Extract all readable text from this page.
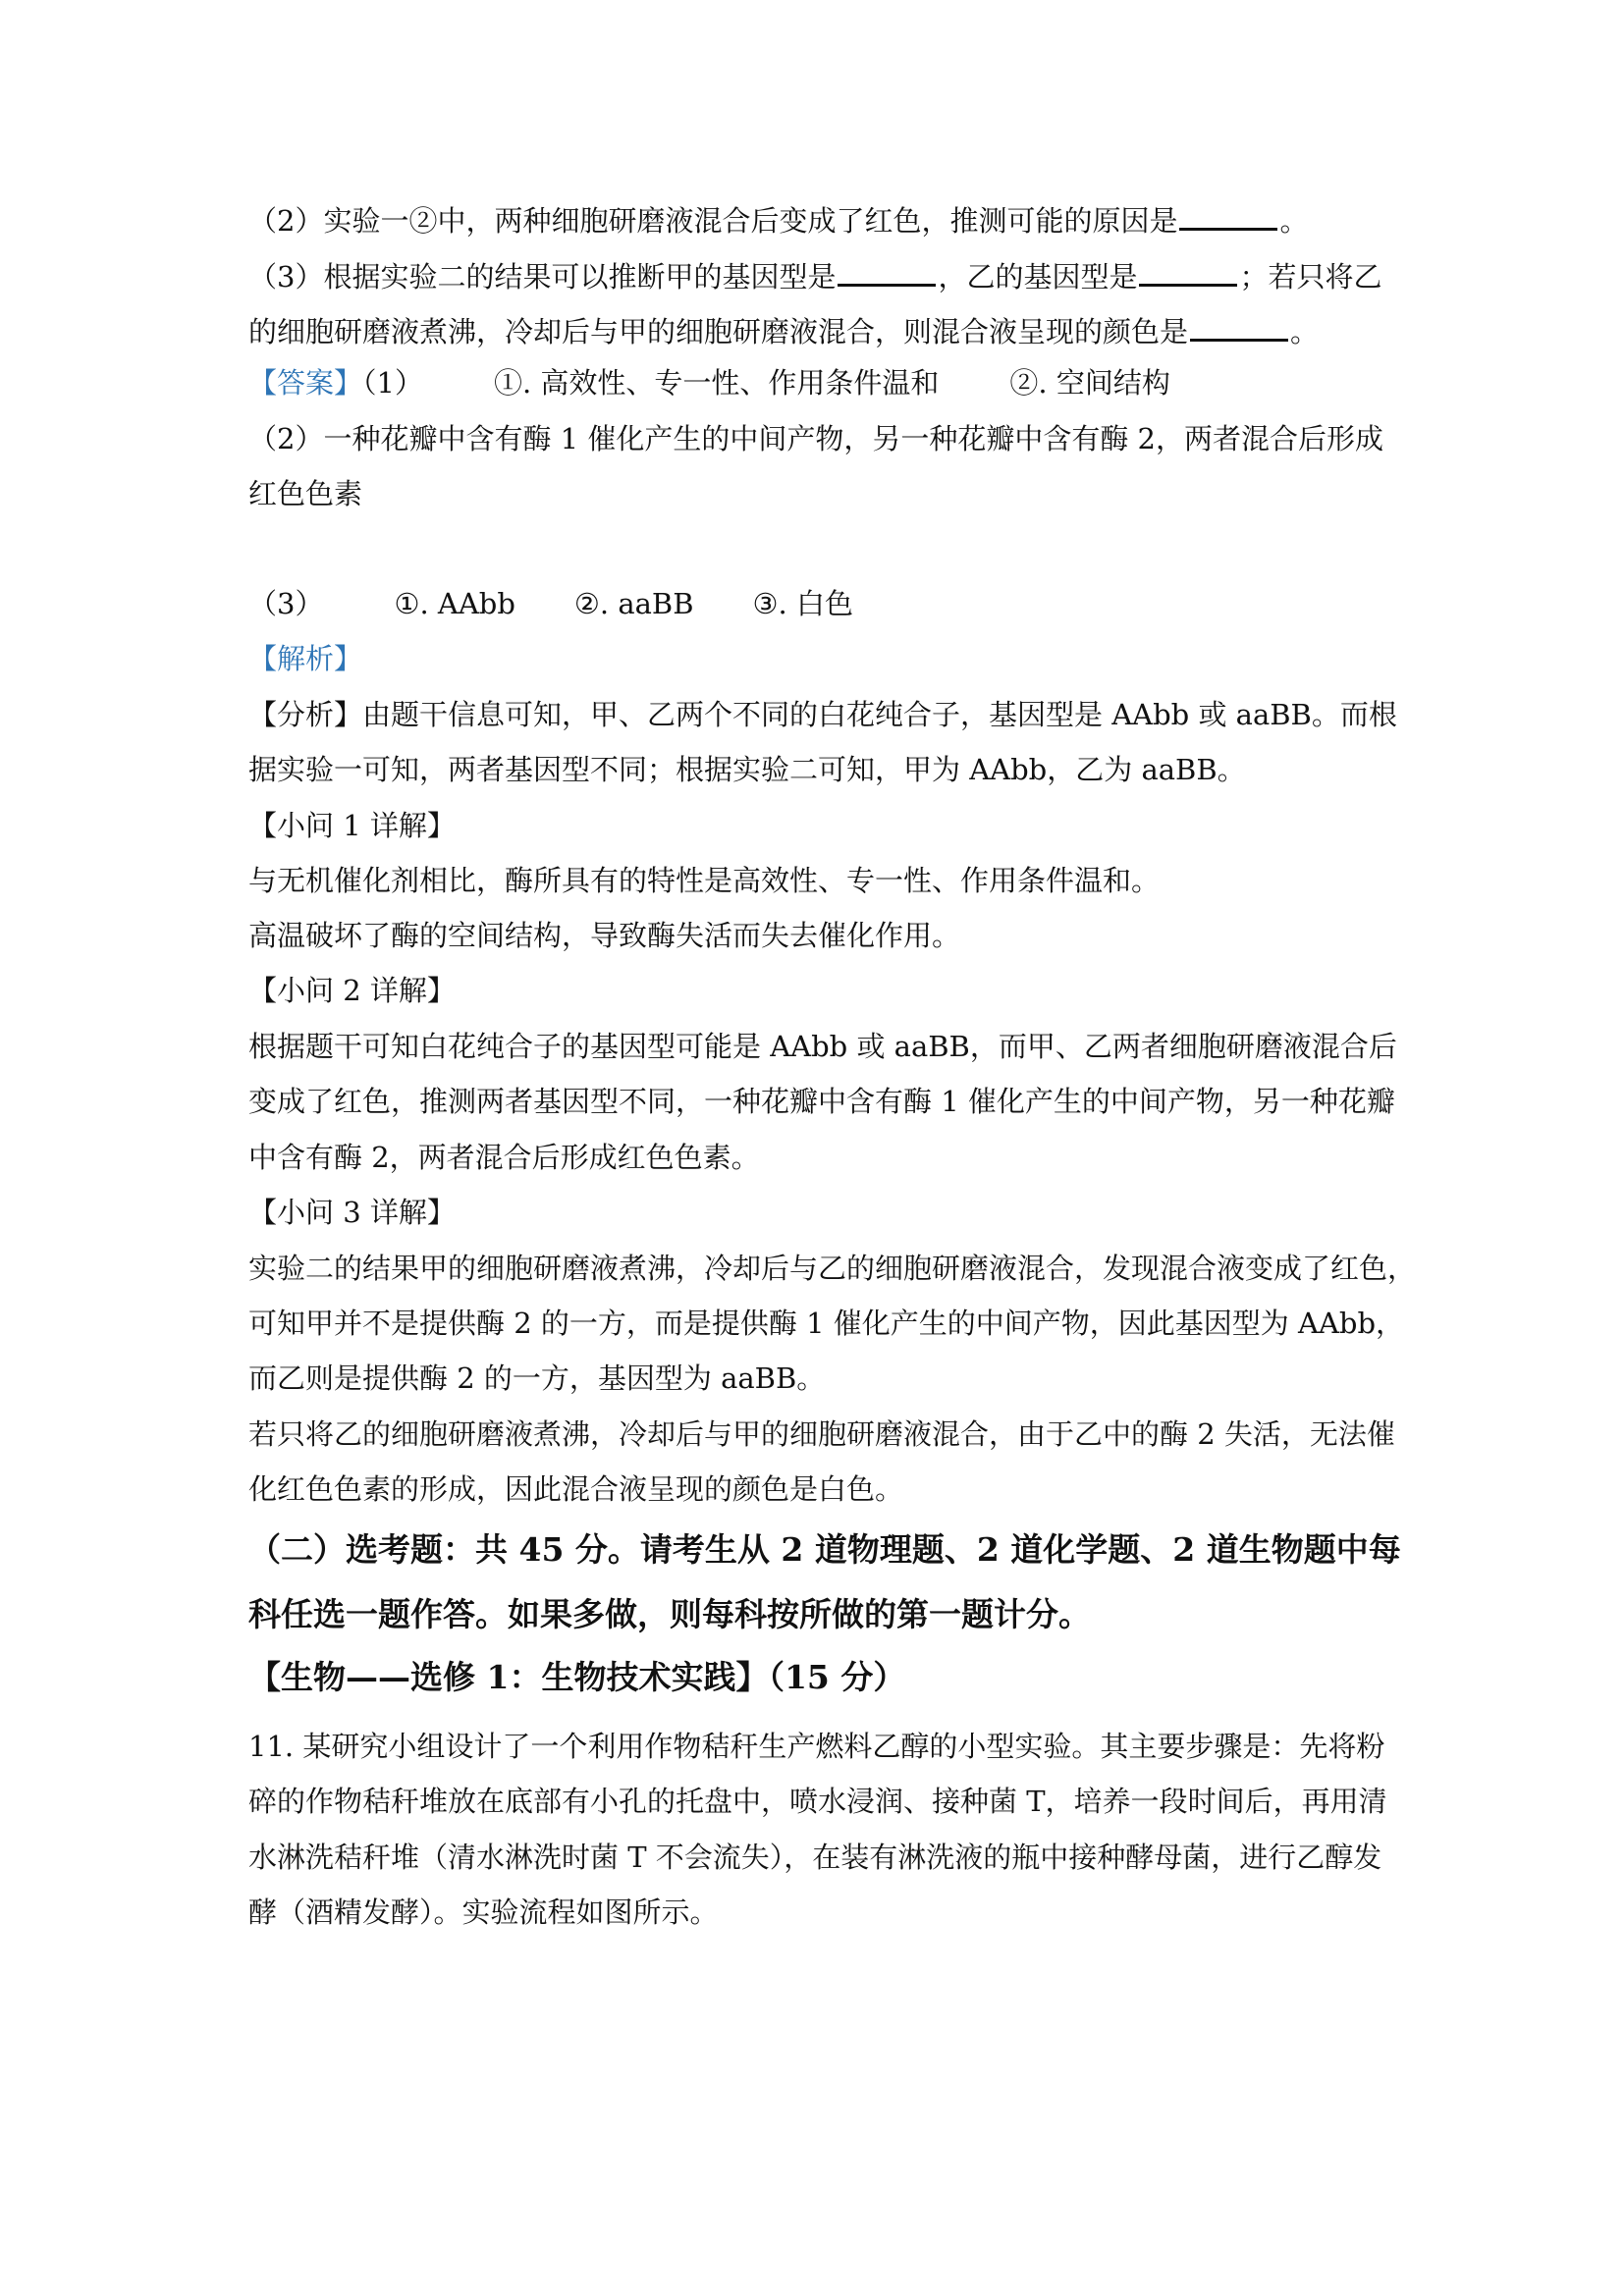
（2）实验一②中，两种细胞研磨液混合后变成了红色，推测可能的原因是	。
（3）根据实验二的结果可以推断甲的基因型是	，乙的基因型是	；若只将乙
的细胞研磨液煮沸，冷却后与甲的细胞研磨液混合，则混合液呈现的颜色是	。
【答案】（1） ①. 高效性、专一性、作用条件温和 ②. 空间结构
（2）一种花瓣中含有酶 1 催化产生的中间产物，另一种花瓣中含有酶 2，两者混合后形成
红色色素
（3） ①. AAbb ②. aaBB ③. 白色
【解析】
【分析】由题干信息可知，甲、乙两个不同的白花纯合子，基因型是 AAbb 或 aaBB。而根
据实验一可知，两者基因型不同；根据实验二可知，甲为 AAbb，乙为 aaBB。
【小问 1 详解】
与无机催化剂相比，酶所具有的特性是高效性、专一性、作用条件温和。
高温破坏了酶的空间结构，导致酶失活而失去催化作用。
【小问 2 详解】
根据题干可知白花纯合子的基因型可能是 AAbb 或 aaBB，而甲、乙两者细胞研磨液混合后
变成了红色，推测两者基因型不同，一种花瓣中含有酶 1 催化产生的中间产物，另一种花瓣
中含有酶 2，两者混合后形成红色色素。
【小问 3 详解】
实验二的结果甲的细胞研磨液煮沸，冷却后与乙的细胞研磨液混合，发现混合液变成了红色，
可知甲并不是提供酶 2 的一方，而是提供酶 1 催化产生的中间产物，因此基因型为 AAbb，
而乙则是提供酶 2 的一方，基因型为 aaBB。
若只将乙的细胞研磨液煮沸，冷却后与甲的细胞研磨液混合，由于乙中的酶 2 失活，无法催
化红色色素的形成，因此混合液呈现的颜色是白色。
（二）选考题：共 45 分。请考生从 2 道物理题、2 道化学题、2 道生物题中每
科任选一题作答。如果多做，则每科按所做的第一题计分。
【生物——选修 1：生物技术实践】（15 分）
11. 某研究小组设计了一个利用作物秸秆生产燃料乙醇的小型实验。其主要步骤是：先将粉
碎的作物秸秆堆放在底部有小孔的托盘中，喷水浸润、接种菌 T，培养一段时间后，再用清
水淋洗秸秆堆（清水淋洗时菌 T 不会流失），在装有淋洗液的瓶中接种酵母菌，进行乙醇发
酵（酒精发酵）。实验流程如图所示。
